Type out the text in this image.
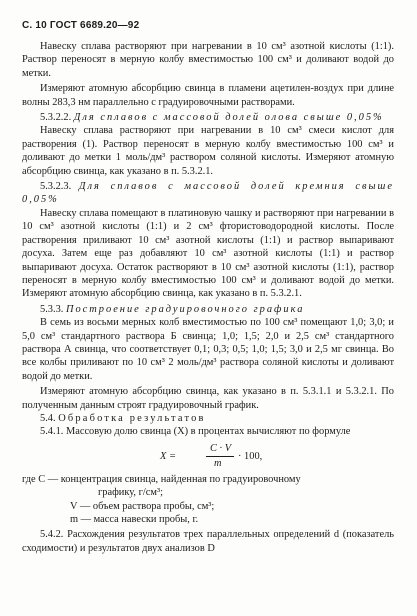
С. 10 ГОСТ 6689.20—92

Навеску сплава растворяют при нагревании в 10 см³ азотной кислоты (1:1). Раствор переносят в мерную колбу вместимостью 100 см³ и доливают водой до метки.

Измеряют атомную абсорбцию свинца в пламени ацетилен-воздух при длине волны 283,3 нм параллельно с градуировочными растворами.

5.3.2.2. Для сплавов с массовой долей олова свыше 0,05%

Навеску сплава растворяют при нагревании в 10 см³ смеси кислот для растворения (1). Раствор переносят в мерную колбу вместимостью 100 см³ и доливают до метки 1 моль/дм³ раствором соляной кислоты. Измеряют атомную абсорбцию свинца, как указано в п. 5.3.2.1.

5.3.2.3. Для сплавов с массовой долей кремния свыше 0,05%

Навеску сплава помещают в платиновую чашку и растворяют при нагревании в 10 см³ азотной кислоты (1:1) и 2 см³ фтористоводородной кислоты. После растворения приливают 10 см³ азотной кислоты (1:1) и раствор выпаривают досуха. Затем еще раз добавляют 10 см³ азотной кислоты (1:1) и раствор выпаривают досуха. Остаток растворяют в 10 см³ азотной кислоты (1:1), раствор переносят в мерную колбу вместимостью 100 см³ и доливают водой до метки. Измеряют атомную абсорбцию свинца, как указано в п. 5.3.2.1.

5.3.3. Построение градуировочного графика

В семь из восьми мерных колб вместимостью по 100 см³ помещают 1,0; 3,0; и 5,0 см³ стандартного раствора Б свинца; 1,0; 1,5; 2,0 и 2,5 см³ стандартного раствора А свинца, что соответствует 0,1; 0,3; 0,5; 1,0; 1,5; 3,0 и 2,5 мг свинца. Во все колбы приливают по 10 см³ 2 моль/дм³ раствора соляной кислоты и доливают водой до метки.

Измеряют атомную абсорбцию свинца, как указано в п. 5.3.1.1 и 5.3.2.1. По полученным данным строят градуировочный график.

5.4. Обработка результатов

5.4.1. Массовую долю свинца (X) в процентах вычисляют по формуле

X =
C · V
m
· 100,

где C — концентрация свинца, найденная по градуировочному

графику, г/см³;

V — объем раствора пробы, см³;

m — масса навески пробы, г.

5.4.2. Расхождения результатов трех параллельных определений d (показатель сходимости) и результатов двух анализов D
